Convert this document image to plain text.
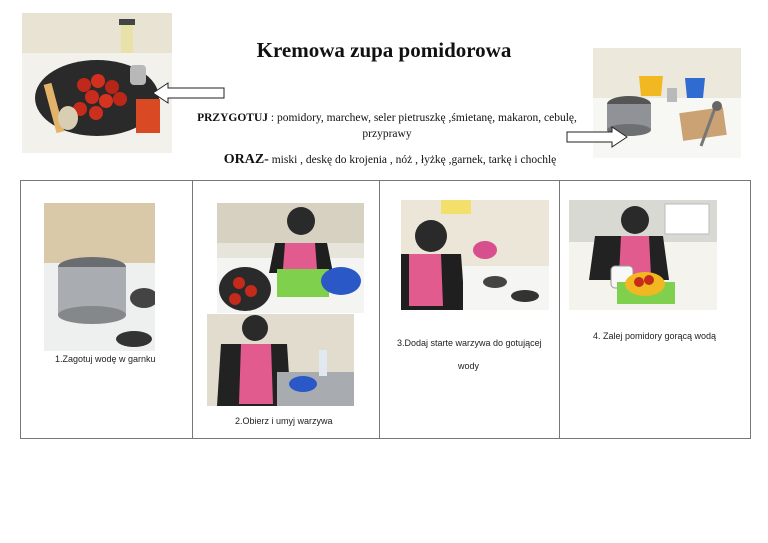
Kremowa zupa pomidorowa
PRZYGOTUJ : pomidory, marchew, seler pietruszkę ,śmietanę, makaron, cebulę, przyprawy
ORAZ- miski , deskę do krojenia , nóż , łyżkę ,garnek, tarkę i chochlę
1.Zagotuj wodę w garnku
2.Obierz i umyj warzywa
3.Dodaj starte warzywa do gotującej
wody
4. Zalej pomidory gorącą wodą
